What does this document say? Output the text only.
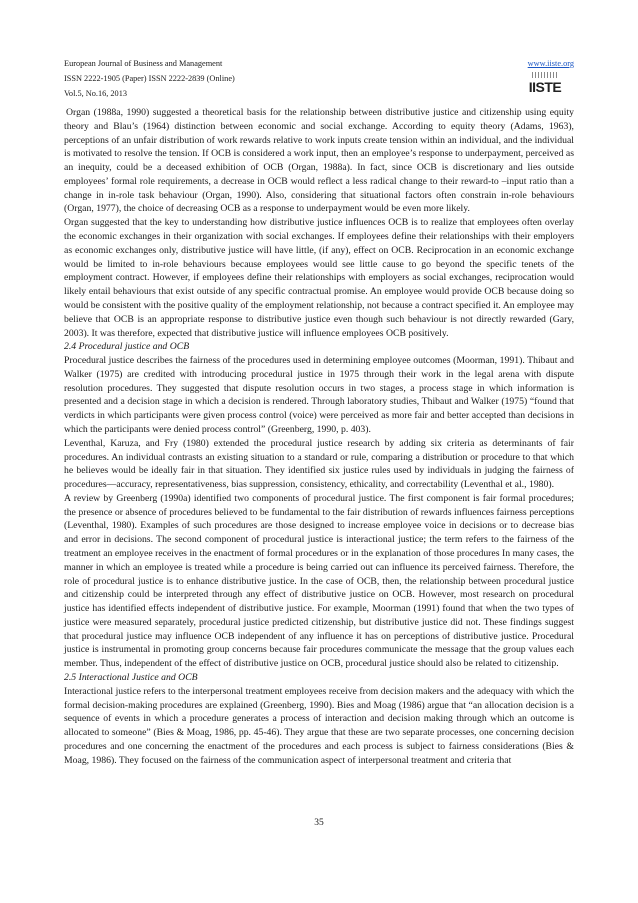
European Journal of Business and Management
ISSN 2222-1905 (Paper) ISSN 2222-2839 (Online)
Vol.5, No.16, 2013
www.iiste.org
IISTE

Organ (1988a, 1990) suggested a theoretical basis for the relationship between distributive justice and citizenship using equity theory and Blau’s (1964) distinction between economic and social exchange. According to equity theory (Adams, 1963), perceptions of an unfair distribution of work rewards relative to work inputs create tension within an individual, and the individual is motivated to resolve the tension. If OCB is considered a work input, then an employee’s response to underpayment, perceived as an inequity, could be a deceased exhibition of OCB (Organ, 1988a). In fact, since OCB is discretionary and lies outside employees’ formal role requirements, a decrease in OCB would reflect a less radical change to their reward-to –input ratio than a change in in-role task behaviour (Organ, 1990). Also, considering that situational factors often constrain in-role behaviours (Organ, 1977), the choice of decreasing OCB as a response to underpayment would be even more likely.

Organ suggested that the key to understanding how distributive justice influences OCB is to realize that employees often overlay the economic exchanges in their organization with social exchanges. If employees define their relationships with their employers as economic exchanges only, distributive justice will have little, (if any), effect on OCB. Reciprocation in an economic exchange would be limited to in-role behaviours because employees would see little cause to go beyond the specific tenets of the employment contract. However, if employees define their relationships with employers as social exchanges, reciprocation would likely entail behaviours that exist outside of any specific contractual promise. An employee would provide OCB because doing so would be consistent with the positive quality of the employment relationship, not because a contract specified it. An employee may believe that OCB is an appropriate response to distributive justice even though such behaviour is not directly rewarded (Gary, 2003). It was therefore, expected that distributive justice will influence employees OCB positively.

2.4 Procedural justice and OCB

Procedural justice describes the fairness of the procedures used in determining employee outcomes (Moorman, 1991). Thibaut and Walker (1975) are credited with introducing procedural justice in 1975 through their work in the legal arena with dispute resolution procedures. They suggested that dispute resolution occurs in two stages, a process stage in which information is presented and a decision stage in which a decision is rendered. Through laboratory studies, Thibaut and Walker (1975) “found that verdicts in which participants were given process control (voice) were perceived as more fair and better accepted than decisions in which the participants were denied process control” (Greenberg, 1990, p. 403).

Leventhal, Karuza, and Fry (1980) extended the procedural justice research by adding six criteria as determinants of fair procedures. An individual contrasts an existing situation to a standard or rule, comparing a distribution or procedure to that which he believes would be ideally fair in that situation. They identified six justice rules used by individuals in judging the fairness of procedures—accuracy, representativeness, bias suppression, consistency, ethicality, and correctability (Leventhal et al., 1980).

A review by Greenberg (1990a) identified two components of procedural justice. The first component is fair formal procedures; the presence or absence of procedures believed to be fundamental to the fair distribution of rewards influences fairness perceptions (Leventhal, 1980). Examples of such procedures are those designed to increase employee voice in decisions or to decrease bias and error in decisions. The second component of procedural justice is interactional justice; the term refers to the fairness of the treatment an employee receives in the enactment of formal procedures or in the explanation of those procedures In many cases, the manner in which an employee is treated while a procedure is being carried out can influence its perceived fairness. Therefore, the role of procedural justice is to enhance distributive justice. In the case of OCB, then, the relationship between procedural justice and citizenship could be interpreted through any effect of distributive justice on OCB. However, most research on procedural justice has identified effects independent of distributive justice. For example, Moorman (1991) found that when the two types of justice were measured separately, procedural justice predicted citizenship, but distributive justice did not. These findings suggest that procedural justice may influence OCB independent of any influence it has on perceptions of distributive justice. Procedural justice is instrumental in promoting group concerns because fair procedures communicate the message that the group values each member. Thus, independent of the effect of distributive justice on OCB, procedural justice should also be related to citizenship.

2.5 Interactional Justice and OCB

Interactional justice refers to the interpersonal treatment employees receive from decision makers and the adequacy with which the formal decision-making procedures are explained (Greenberg, 1990). Bies and Moag (1986) argue that “an allocation decision is a sequence of events in which a procedure generates a process of interaction and decision making through which an outcome is allocated to someone” (Bies & Moag, 1986, pp. 45-46). They argue that these are two separate processes, one concerning decision procedures and one concerning the enactment of the procedures and each process is subject to fairness considerations (Bies & Moag, 1986). They focused on the fairness of the communication aspect of interpersonal treatment and criteria that

35
